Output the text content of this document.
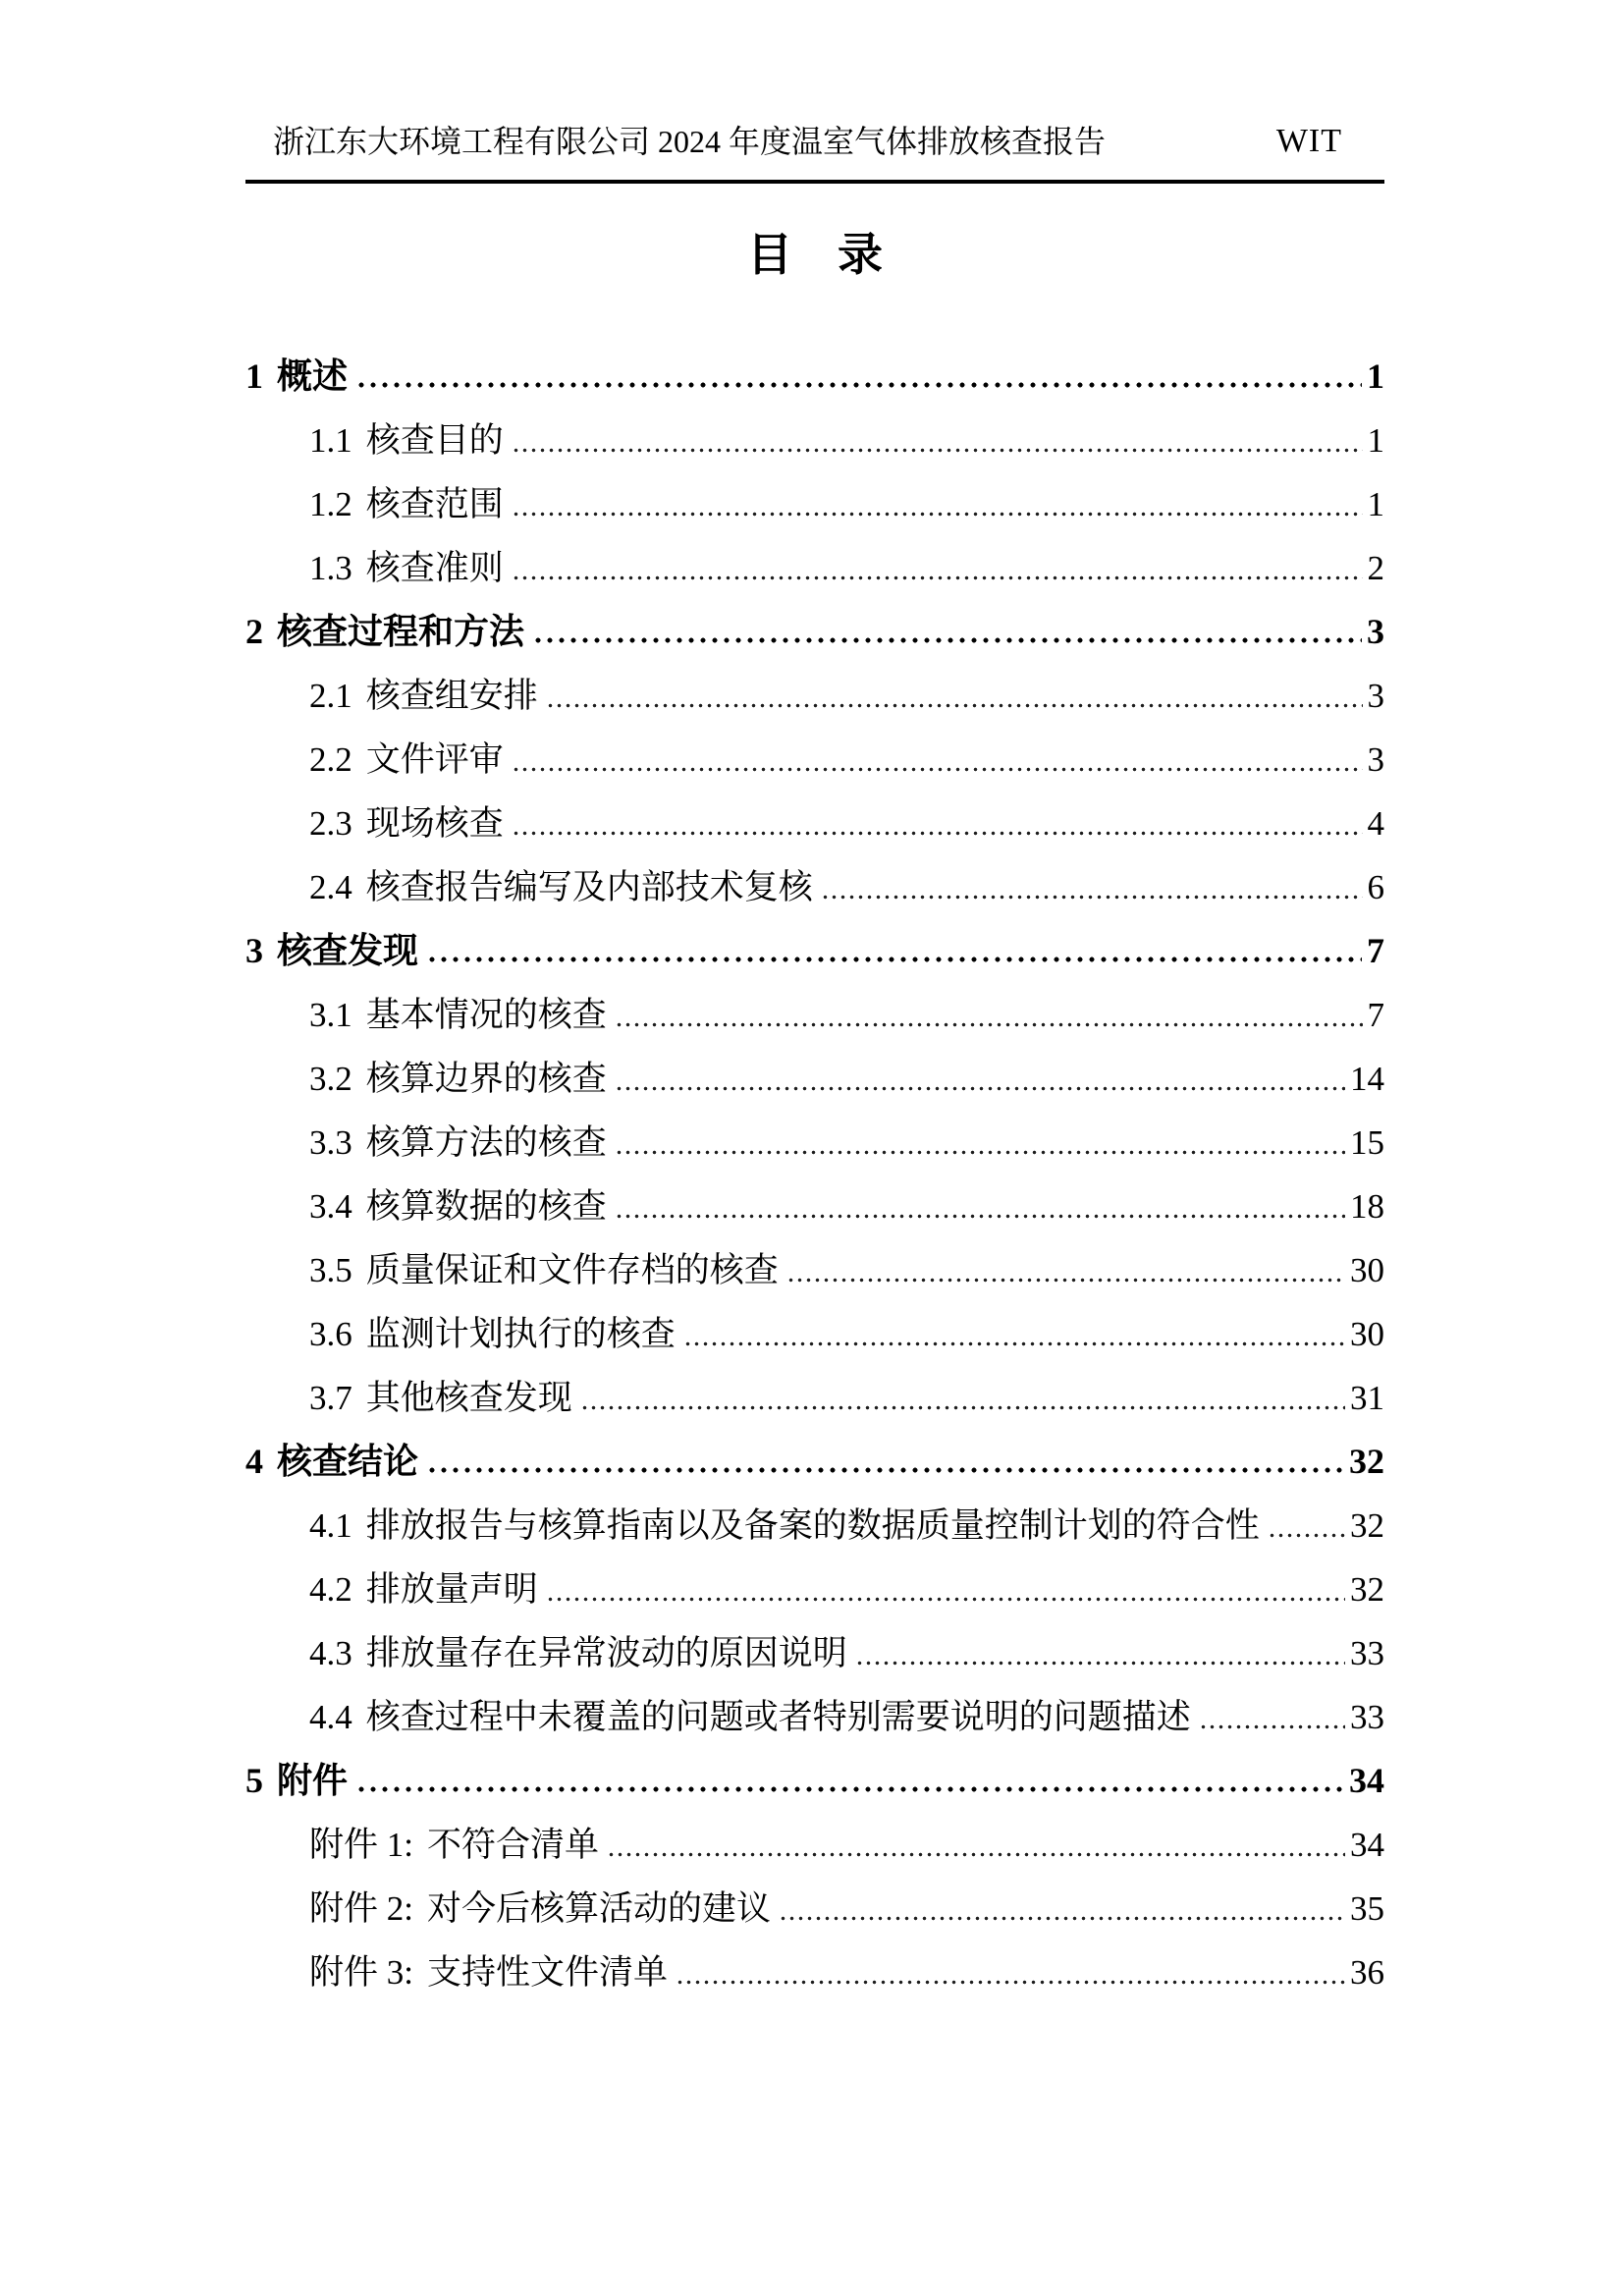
浙江东大环境工程有限公司 2024 年度温室气体排放核查报告	WIT
目　录
1 概述	1
1.1 核查目的	1
1.2 核查范围	1
1.3 核查准则	2
2 核查过程和方法	3
2.1 核查组安排	3
2.2 文件评审	3
2.3 现场核查	4
2.4 核查报告编写及内部技术复核	6
3 核查发现	7
3.1 基本情况的核查	7
3.2 核算边界的核查	14
3.3 核算方法的核查	15
3.4 核算数据的核查	18
3.5 质量保证和文件存档的核查	30
3.6 监测计划执行的核查	30
3.7 其他核查发现	31
4 核查结论	32
4.1 排放报告与核算指南以及备案的数据质量控制计划的符合性	32
4.2 排放量声明	32
4.3 排放量存在异常波动的原因说明	33
4.4 核查过程中未覆盖的问题或者特别需要说明的问题描述	33
5 附件	34
附件 1: 不符合清单	34
附件 2: 对今后核算活动的建议	35
附件 3: 支持性文件清单	36
